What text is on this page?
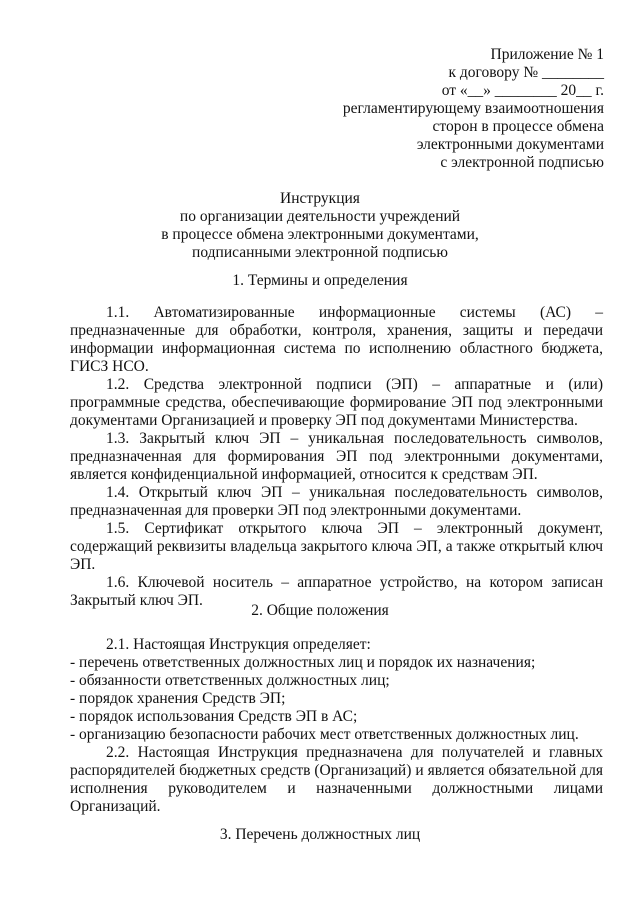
Приложение № 1
к договору № ________
от «__» ________ 20__ г.
регламентирующему взаимоотношения
сторон в процессе обмена
электронными документами
с электронной подписью
Инструкция
по организации деятельности учреждений
в процессе обмена электронными документами,
подписанными электронной подписью
1. Термины и определения

1.1. Автоматизированные информационные системы (АС) – предназначенные для обработки, контроля, хранения, защиты и передачи информации информационная система по исполнению областного бюджета, ГИСЗ НСО.

1.2. Средства электронной подписи (ЭП) – аппаратные и (или) программные средства, обеспечивающие формирование ЭП под электронными документами Организацией и проверку ЭП под документами Министерства.

1.3. Закрытый ключ ЭП – уникальная последовательность символов, предназначенная для формирования ЭП под электронными документами, является конфиденциальной информацией, относится к средствам ЭП.

1.4. Открытый ключ ЭП – уникальная последовательность символов, предназначенная для проверки ЭП под электронными документами.

1.5. Сертификат открытого ключа ЭП – электронный документ, содержащий реквизиты владельца закрытого ключа ЭП, а также открытый ключ ЭП.

1.6. Ключевой носитель – аппаратное устройство, на котором записан Закрытый ключ ЭП.

2. Общие положения

2.1. Настоящая Инструкция определяет:

- перечень ответственных должностных лиц и порядок их назначения;

- обязанности ответственных должностных лиц;

- порядок хранения Средств ЭП;

- порядок использования Средств ЭП в АС;

- организацию безопасности рабочих мест ответственных должностных лиц.

2.2. Настоящая Инструкция предназначена для получателей и главных распорядителей бюджетных средств (Организаций) и является обязательной для исполнения руководителем и назначенными должностными лицами Организаций.

3. Перечень должностных лиц
